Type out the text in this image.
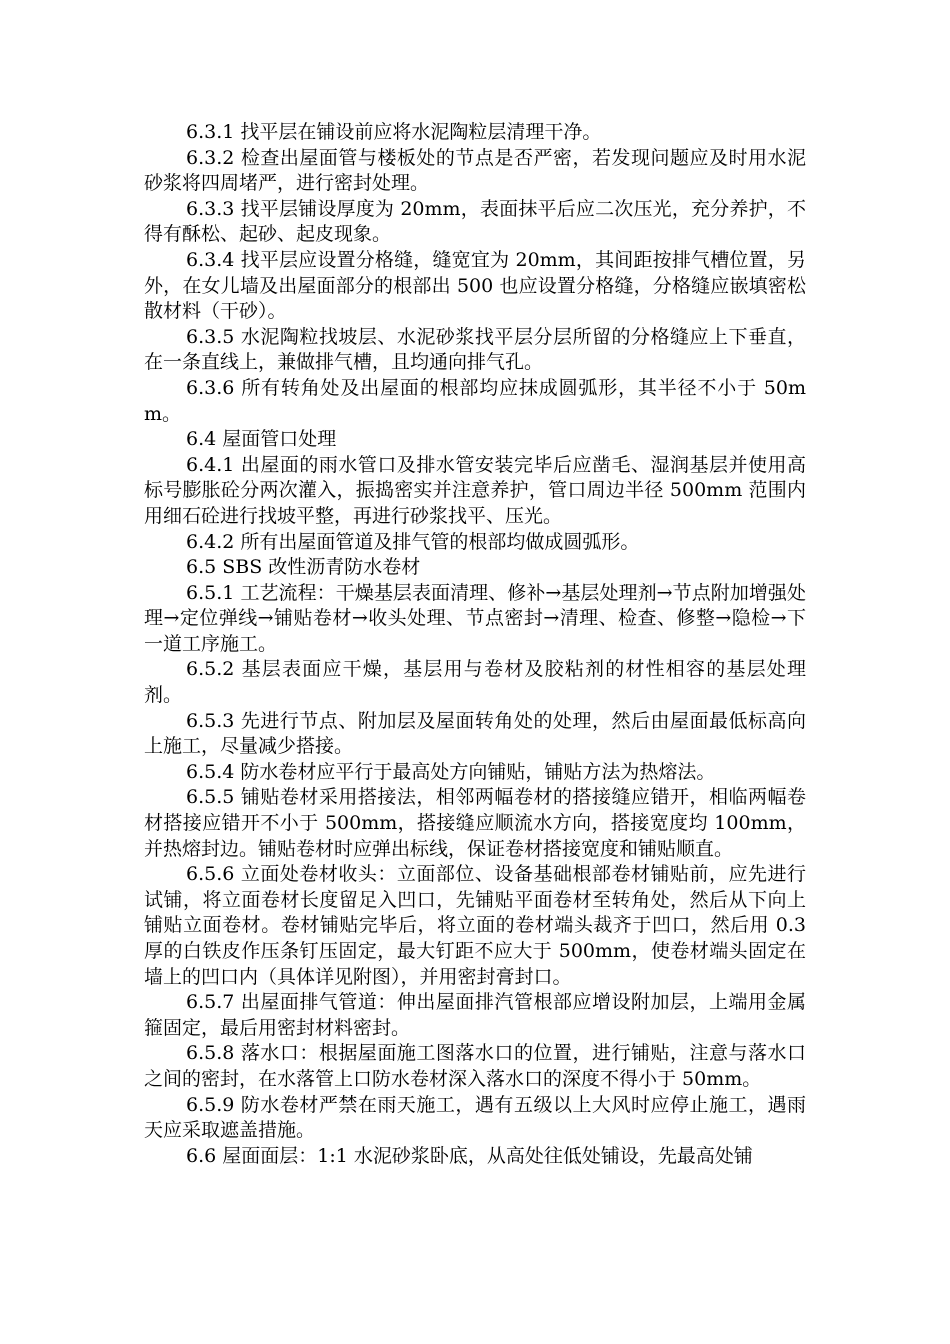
6.3.1 找平层在铺设前应将水泥陶粒层清理干净。

6.3.2 检查出屋面管与楼板处的节点是否严密，若发现问题应及时用水泥砂浆将四周堵严，进行密封处理。

6.3.3 找平层铺设厚度为 20mm，表面抹平后应二次压光，充分养护，不得有酥松、起砂、起皮现象。

6.3.4 找平层应设置分格缝，缝宽宜为 20mm，其间距按排气槽位置，另外，在女儿墙及出屋面部分的根部出 500 也应设置分格缝，分格缝应嵌填密松散材料（干砂）。

6.3.5 水泥陶粒找坡层、水泥砂浆找平层分层所留的分格缝应上下垂直，在一条直线上，兼做排气槽，且均通向排气孔。

6.3.6 所有转角处及出屋面的根部均应抹成圆弧形，其半径不小于 50mm。

6.4 屋面管口处理

6.4.1 出屋面的雨水管口及排水管安装完毕后应凿毛、湿润基层并使用高标号膨胀砼分两次灌入，振捣密实并注意养护，管口周边半径 500mm 范围内用细石砼进行找坡平整，再进行砂浆找平、压光。

6.4.2 所有出屋面管道及排气管的根部均做成圆弧形。

6.5 SBS 改性沥青防水卷材

6.5.1 工艺流程：干燥基层表面清理、修补→基层处理剂→节点附加增强处理→定位弹线→铺贴卷材→收头处理、节点密封→清理、检查、修整→隐检→下一道工序施工。

6.5.2 基层表面应干燥，基层用与卷材及胶粘剂的材性相容的基层处理剂。

6.5.3 先进行节点、附加层及屋面转角处的处理，然后由屋面最低标高向上施工，尽量减少搭接。

6.5.4 防水卷材应平行于最高处方向铺贴，铺贴方法为热熔法。

6.5.5 铺贴卷材采用搭接法，相邻两幅卷材的搭接缝应错开，相临两幅卷材搭接应错开不小于 500mm，搭接缝应顺流水方向，搭接宽度均 100mm，并热熔封边。铺贴卷材时应弹出标线，保证卷材搭接宽度和铺贴顺直。

6.5.6 立面处卷材收头：立面部位、设备基础根部卷材铺贴前，应先进行试铺，将立面卷材长度留足入凹口，先铺贴平面卷材至转角处，然后从下向上铺贴立面卷材。卷材铺贴完毕后，将立面的卷材端头裁齐于凹口，然后用 0.3 厚的白铁皮作压条钉压固定，最大钉距不应大于 500mm，使卷材端头固定在墙上的凹口内（具体详见附图），并用密封膏封口。

6.5.7 出屋面排气管道：伸出屋面排汽管根部应增设附加层，上端用金属箍固定，最后用密封材料密封。

6.5.8 落水口：根据屋面施工图落水口的位置，进行铺贴，注意与落水口之间的密封，在水落管上口防水卷材深入落水口的深度不得小于 50mm。

6.5.9 防水卷材严禁在雨天施工，遇有五级以上大风时应停止施工，遇雨天应采取遮盖措施。

6.6 屋面面层：1:1 水泥砂浆卧底，从高处往低处铺设，先最高处铺
